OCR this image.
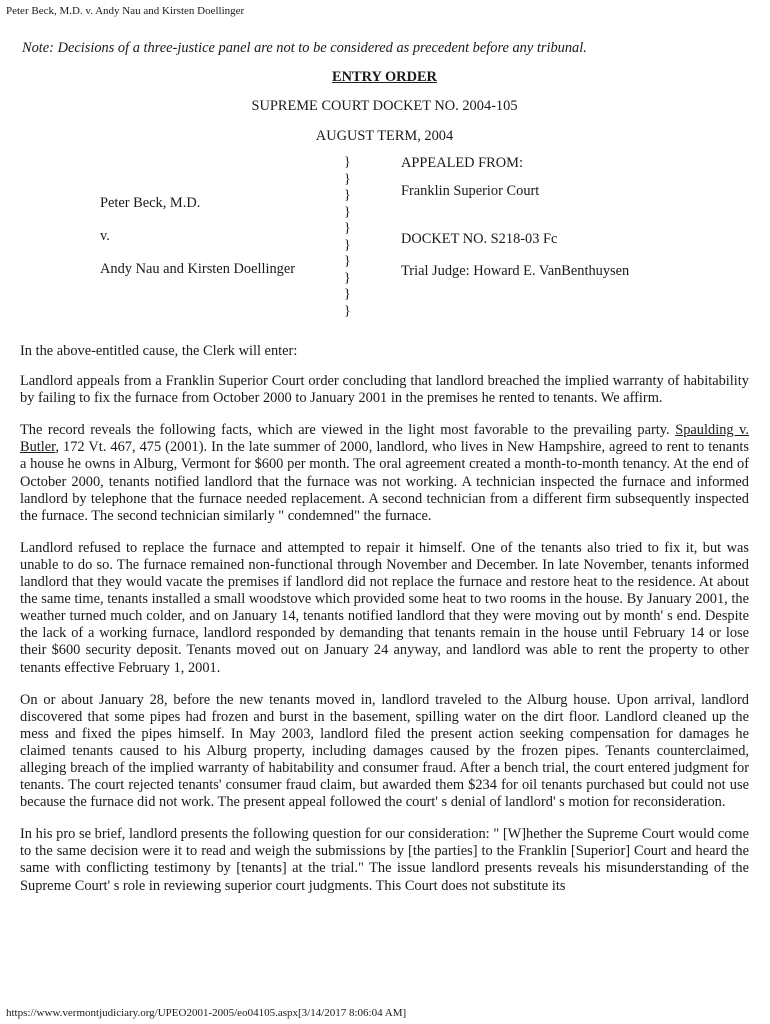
Peter Beck, M.D. v. Andy Nau and Kirsten Doellinger
Note: Decisions of a three-justice panel are not to be considered as precedent before any tribunal.
ENTRY ORDER
SUPREME COURT DOCKET NO. 2004-105
AUGUST TERM, 2004
}
}
}
}
}
}
}
}
}
}
Peter Beck, M.D.
v.
Andy Nau and Kirsten Doellinger
APPEALED FROM:
Franklin Superior Court
DOCKET NO. S218-03 Fc
Trial Judge: Howard E. VanBenthuysen

In the above-entitled cause, the Clerk will enter:

Landlord appeals from a Franklin Superior Court order concluding that landlord breached the implied warranty of habitability by failing to fix the furnace from October 2000 to January 2001 in the premises he rented to tenants. We affirm.

The record reveals the following facts, which are viewed in the light most favorable to the prevailing party. Spaulding v. Butler, 172 Vt. 467, 475 (2001). In the late summer of 2000, landlord, who lives in New Hampshire, agreed to rent to tenants a house he owns in Alburg, Vermont for $600 per month. The oral agreement created a month-to-month tenancy. At the end of October 2000, tenants notified landlord that the furnace was not working. A technician inspected the furnace and informed landlord by telephone that the furnace needed replacement. A second technician from a different firm subsequently inspected the furnace. The second technician similarly " condemned" the furnace.

Landlord refused to replace the furnace and attempted to repair it himself. One of the tenants also tried to fix it, but was unable to do so. The furnace remained non-functional through November and December. In late November, tenants informed landlord that they would vacate the premises if landlord did not replace the furnace and restore heat to the residence. At about the same time, tenants installed a small woodstove which provided some heat to two rooms in the house. By January 2001, the weather turned much colder, and on January 14, tenants notified landlord that they were moving out by month' s end. Despite the lack of a working furnace, landlord responded by demanding that tenants remain in the house until February 14 or lose their $600 security deposit. Tenants moved out on January 24 anyway, and landlord was able to rent the property to other tenants effective February 1, 2001.

On or about January 28, before the new tenants moved in, landlord traveled to the Alburg house. Upon arrival, landlord discovered that some pipes had frozen and burst in the basement, spilling water on the dirt floor. Landlord cleaned up the mess and fixed the pipes himself. In May 2003, landlord filed the present action seeking compensation for damages he claimed tenants caused to his Alburg property, including damages caused by the frozen pipes. Tenants counterclaimed, alleging breach of the implied warranty of habitability and consumer fraud. After a bench trial, the court entered judgment for tenants. The court rejected tenants' consumer fraud claim, but awarded them $234 for oil tenants purchased but could not use because the furnace did not work. The present appeal followed the court' s denial of landlord' s motion for reconsideration.

In his pro se brief, landlord presents the following question for our consideration: " [W]hether the Supreme Court would come to the same decision were it to read and weigh the submissions by [the parties] to the Franklin [Superior] Court and heard the same with conflicting testimony by [tenants] at the trial." The issue landlord presents reveals his misunderstanding of the Supreme Court' s role in reviewing superior court judgments. This Court does not substitute its

https://www.vermontjudiciary.org/UPEO2001-2005/eo04105.aspx[3/14/2017 8:06:04 AM]
